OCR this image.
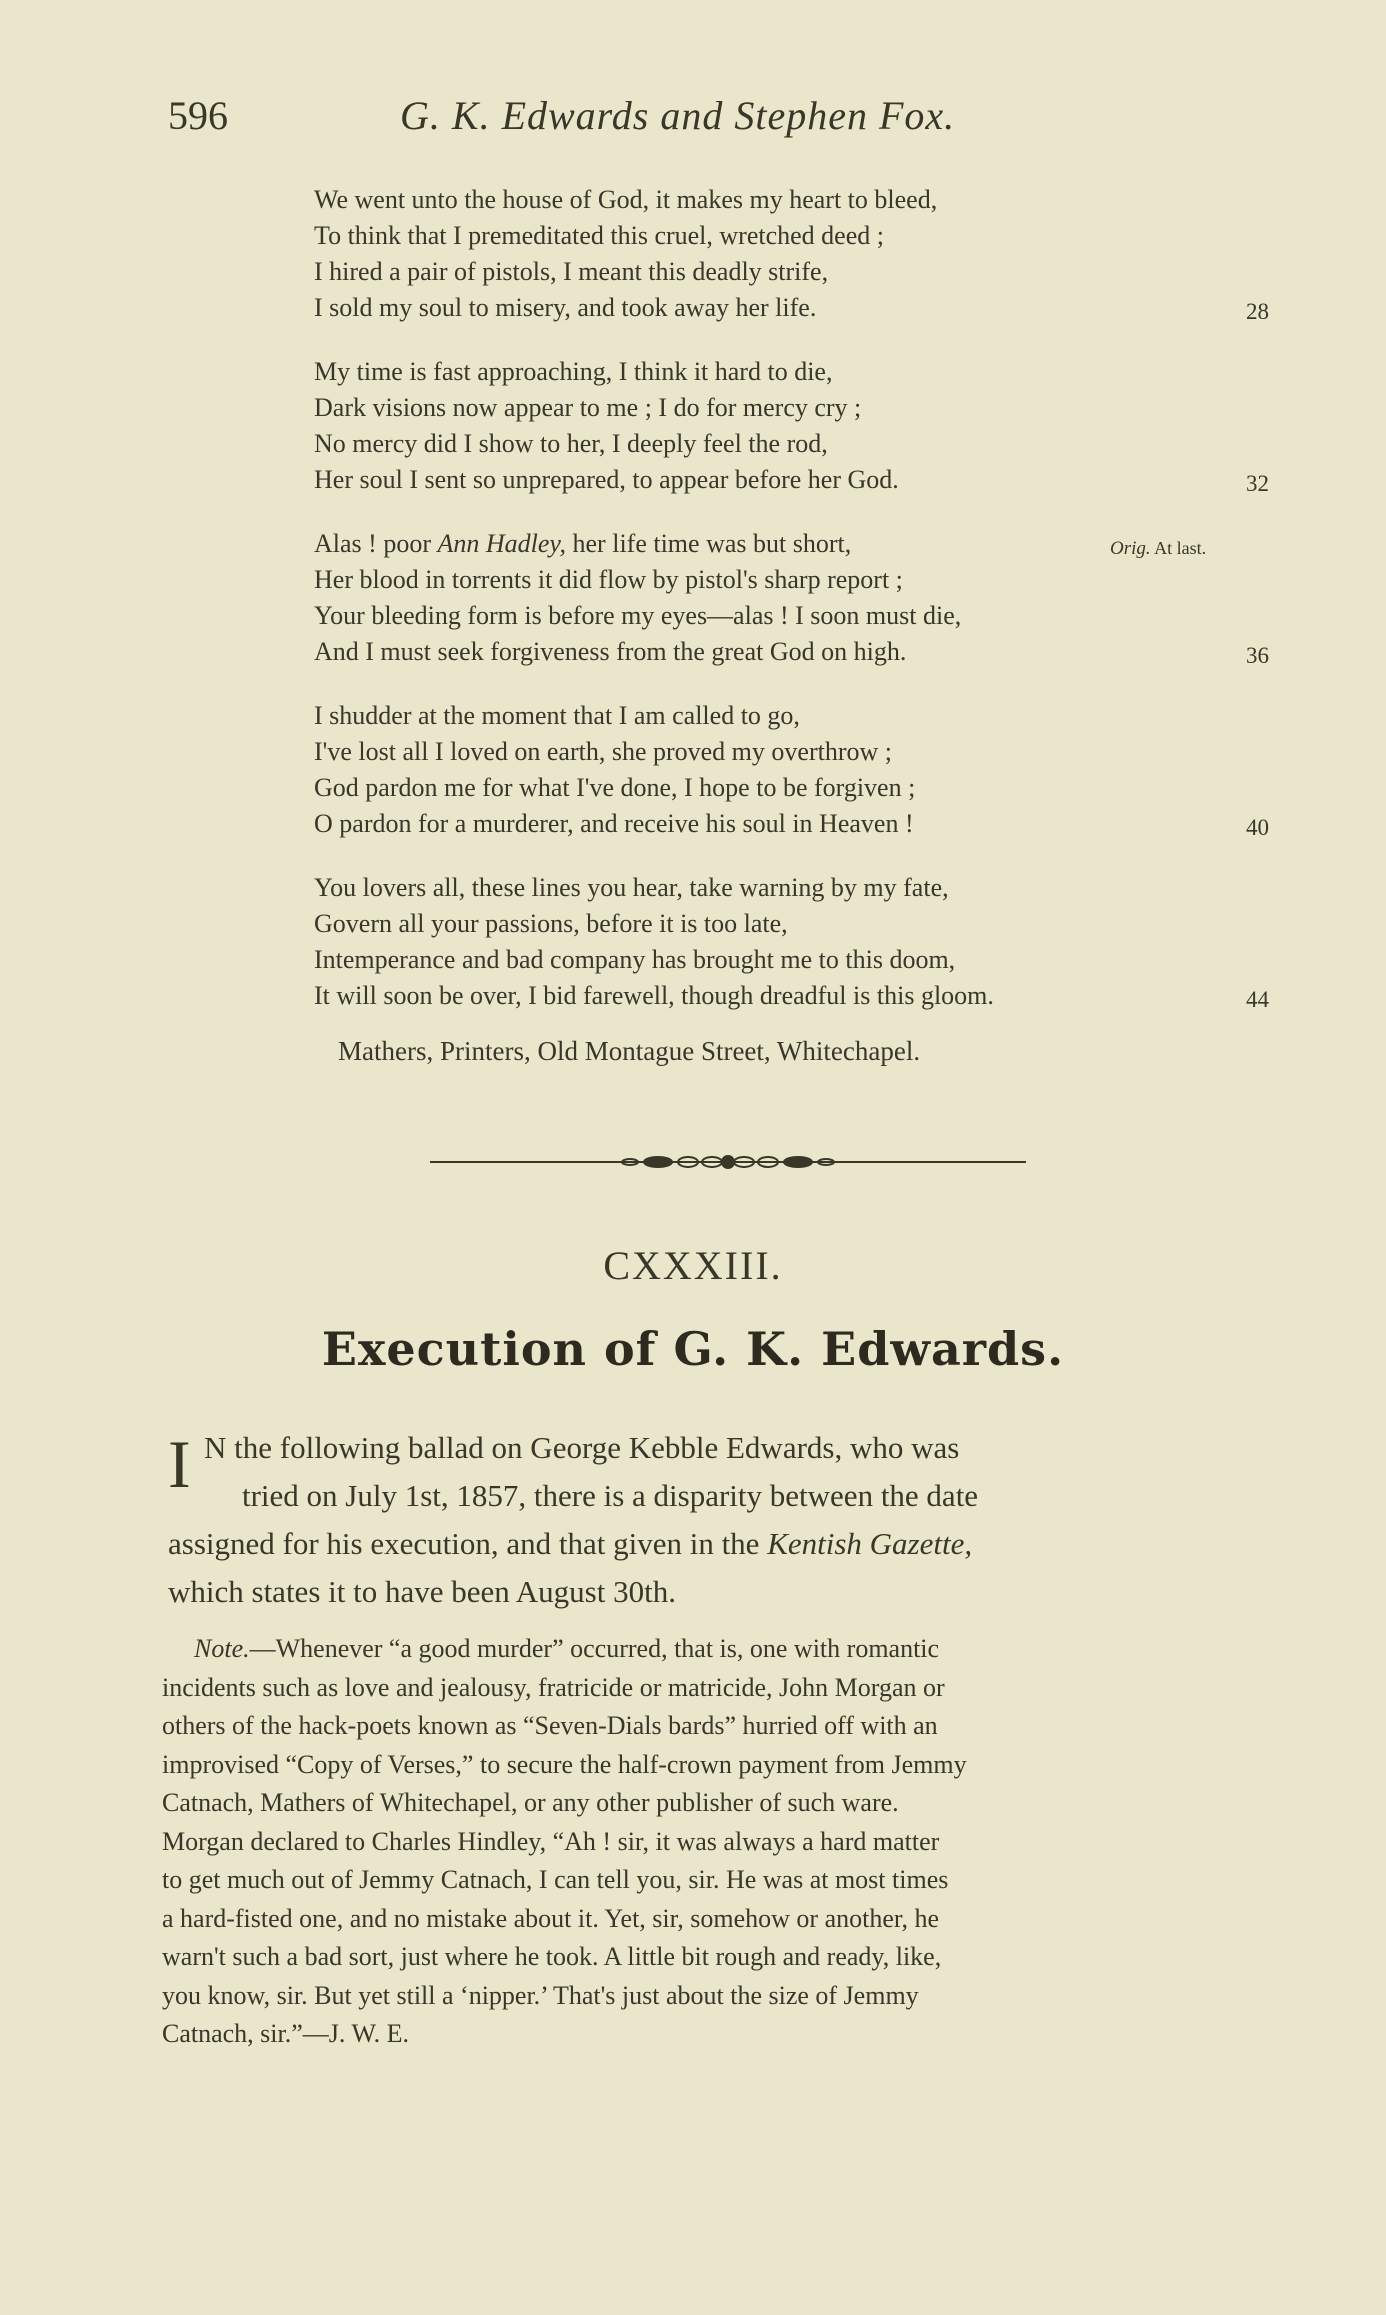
596	G. K. Edwards and Stephen Fox.
We went unto the house of God, it makes my heart to bleed,
To think that I premeditated this cruel, wretched deed ;
I hired a pair of pistols, I meant this deadly strife,
I sold my soul to misery, and took away her life.	28
My time is fast approaching, I think it hard to die,
Dark visions now appear to me ; I do for mercy cry ;
No mercy did I show to her, I deeply feel the rod,
Her soul I sent so unprepared, to appear before her God.	32
Alas ! poor Ann Hadley, her life time was but short,	Orig. At last.
Her blood in torrents it did flow by pistol's sharp report ;
Your bleeding form is before my eyes—alas ! I soon must die,
And I must seek forgiveness from the great God on high.	36
I shudder at the moment that I am called to go,
I've lost all I loved on earth, she proved my overthrow ;
God pardon me for what I've done, I hope to be forgiven ;
O pardon for a murderer, and receive his soul in Heaven !	40
You lovers all, these lines you hear, take warning by my fate,
Govern all your passions, before it is too late,
Intemperance and bad company has brought me to this doom,
It will soon be over, I bid farewell, though dreadful is this gloom.	44
Mathers, Printers, Old Montague Street, Whitechapel.
CXXXIII.
Execution of G. K. Edwards.
I N the following ballad on George Kebble Edwards, who was
tried on July 1st, 1857, there is a disparity between the date
assigned for his execution, and that given in the Kentish Gazette,
which states it to have been August 30th.
Note.—Whenever “a good murder” occurred, that is, one with romantic
incidents such as love and jealousy, fratricide or matricide, John Morgan or
others of the hack-poets known as “Seven-Dials bards” hurried off with an
improvised “Copy of Verses,” to secure the half-crown payment from Jemmy
Catnach, Mathers of Whitechapel, or any other publisher of such ware.
Morgan declared to Charles Hindley, “Ah ! sir, it was always a hard matter
to get much out of Jemmy Catnach, I can tell you, sir. He was at most times
a hard-fisted one, and no mistake about it. Yet, sir, somehow or another, he
warn't such a bad sort, just where he took. A little bit rough and ready, like,
you know, sir. But yet still a ‘nipper.’ That's just about the size of Jemmy
Catnach, sir.”—J. W. E.
